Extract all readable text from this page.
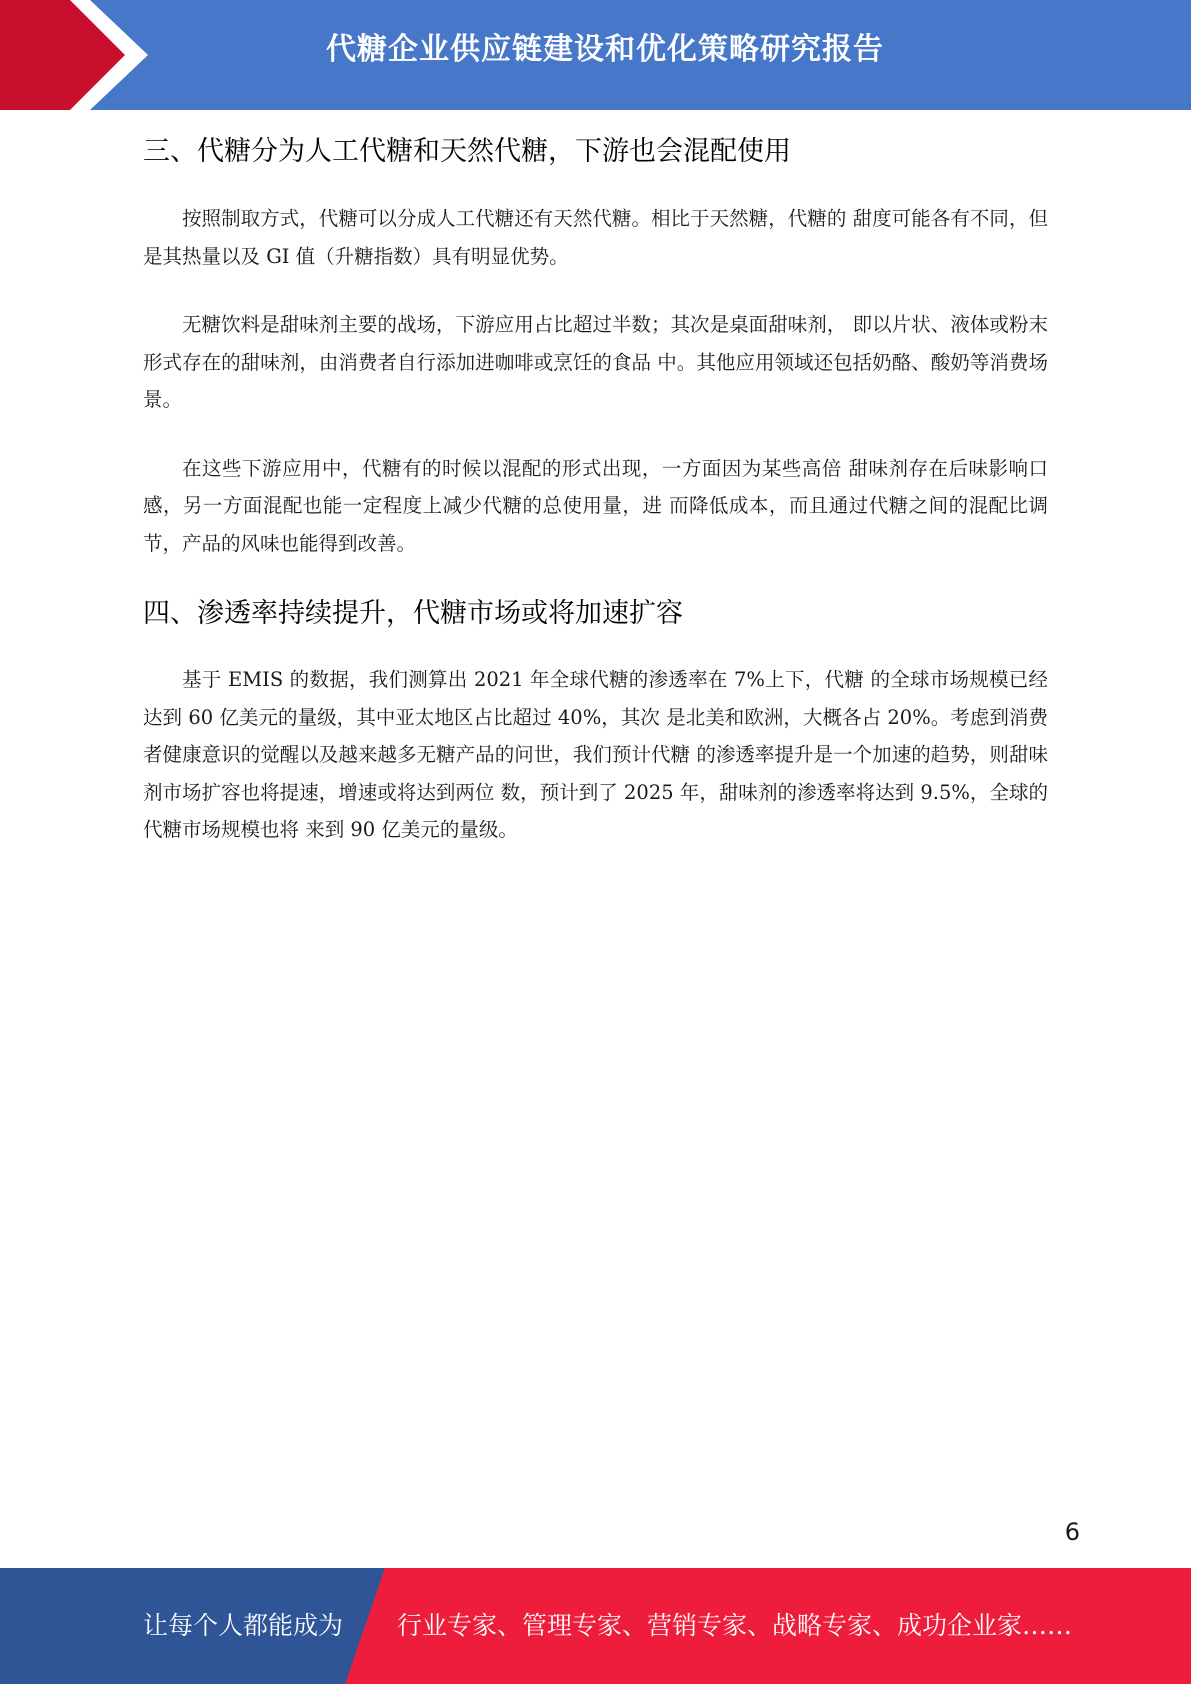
代糖企业供应链建设和优化策略研究报告
三、代糖分为人工代糖和天然代糖，下游也会混配使用

按照制取方式，代糖可以分成人工代糖还有天然代糖。相比于天然糖，代糖的 甜度可能各有不同，但是其热量以及 GI 值（升糖指数）具有明显优势。

无糖饮料是甜味剂主要的战场，下游应用占比超过半数；其次是桌面甜味剂， 即以片状、液体或粉末形式存在的甜味剂，由消费者自行添加进咖啡或烹饪的食品 中。其他应用领域还包括奶酪、酸奶等消费场景。

在这些下游应用中，代糖有的时候以混配的形式出现，一方面因为某些高倍 甜味剂存在后味影响口感，另一方面混配也能一定程度上减少代糖的总使用量，进 而降低成本，而且通过代糖之间的混配比调节，产品的风味也能得到改善。

四、渗透率持续提升，代糖市场或将加速扩容

基于 EMIS 的数据，我们测算出 2021 年全球代糖的渗透率在 7%上下，代糖 的全球市场规模已经达到 60 亿美元的量级，其中亚太地区占比超过 40%，其次 是北美和欧洲，大概各占 20%。考虑到消费者健康意识的觉醒以及越来越多无糖产品的问世，我们预计代糖 的渗透率提升是一个加速的趋势，则甜味剂市场扩容也将提速，增速或将达到两位 数，预计到了 2025 年，甜味剂的渗透率将达到 9.5%，全球的代糖市场规模也将 来到 90 亿美元的量级。

6
让每个人都能成为 行业专家、管理专家、营销专家、战略专家、成功企业家……
